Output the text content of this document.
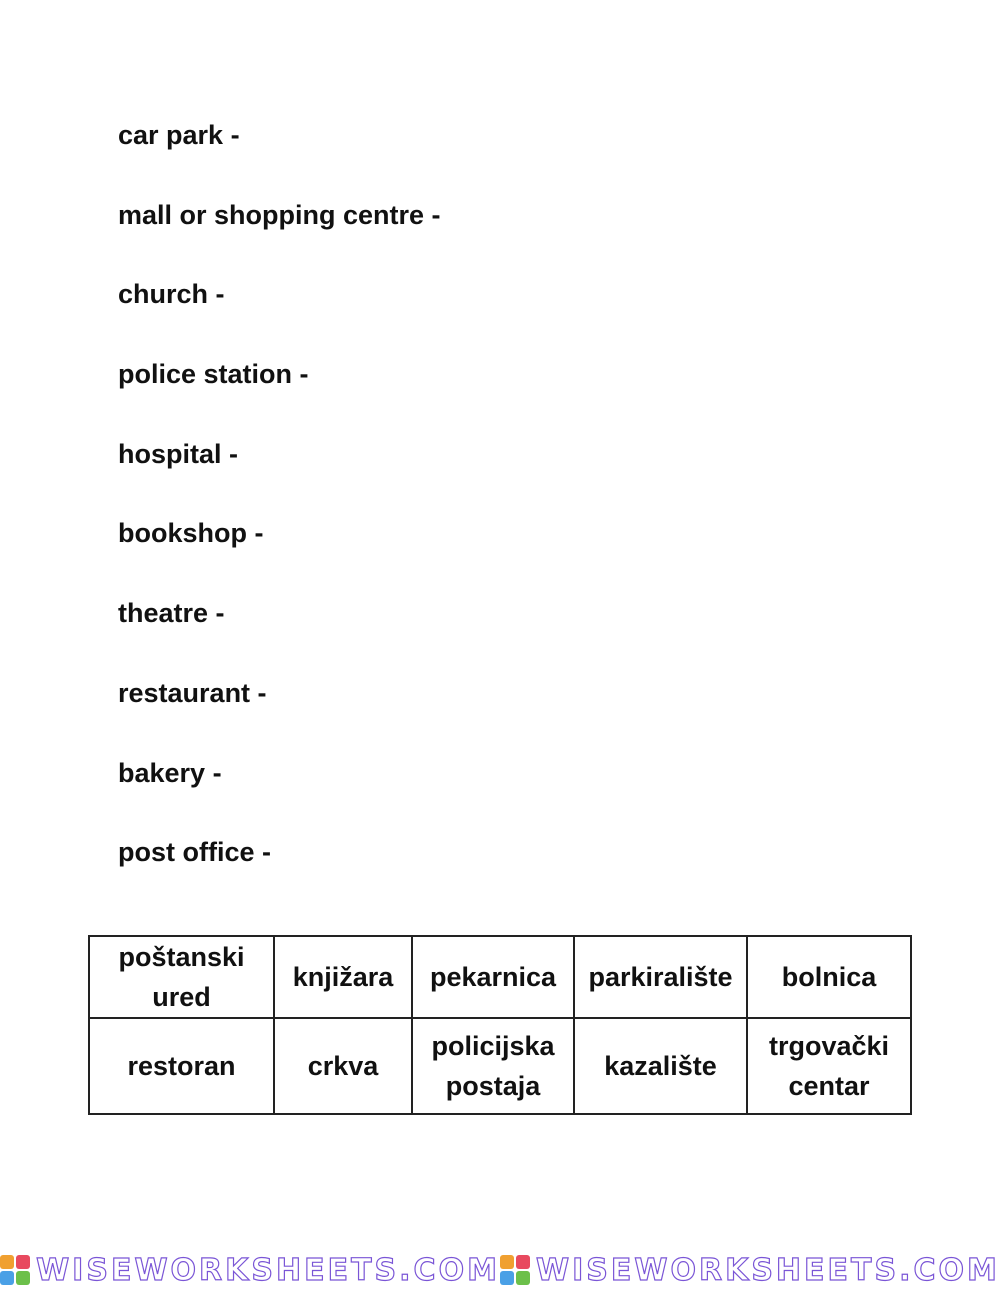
car park -
mall or shopping centre -
church -
police station -
hospital -
bookshop -
theatre -
restaurant -
bakery -
post office -
poštanski ured	knjižara	pekarnica	parkiralište	bolnica
restoran	crkva	policijska postaja	kazalište	trgovački centar
WISEWORKSHEETS.COM WISEWORKSHEETS.COM
